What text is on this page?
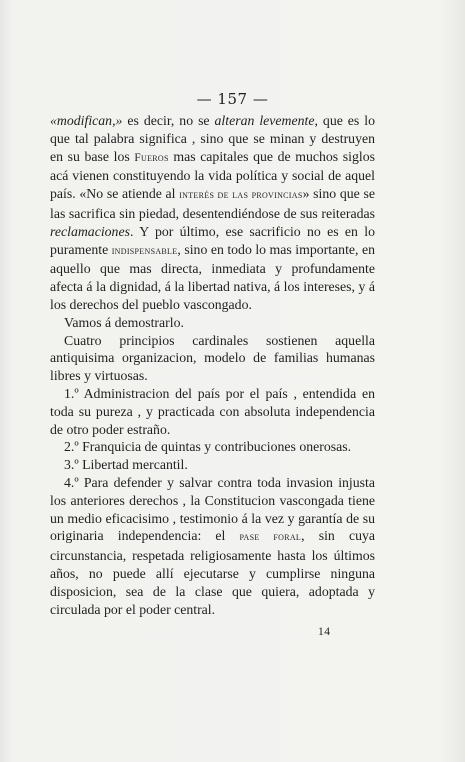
— 157 —

«modifican,» es decir, no se alteran levemente, que es lo que tal palabra significa , sino que se minan y destruyen en su base los Fueros mas capitales que de muchos siglos acá vienen constituyendo la vida política y social de aquel país. «No se atiende al interés de las provincias» sino que se las sacrifica sin piedad, desentendiéndose de sus reiteradas reclamaciones. Y por último, ese sacrificio no es en lo puramente indispensable, sino en todo lo mas importante, en aquello que mas directa, inmediata y profundamente afecta á la dignidad, á la libertad nativa, á los intereses, y á los derechos del pueblo vascongado.

Vamos á demostrarlo.

Cuatro principios cardinales sostienen aquella antiquisima organizacion, modelo de familias humanas libres y virtuosas.

1.º Administracion del país por el país , entendida en toda su pureza , y practicada con absoluta independencia de otro poder estraño.

2.º Franquicia de quintas y contribuciones onerosas.

3.º Libertad mercantil.

4.º Para defender y salvar contra toda invasion injusta los anteriores derechos , la Constitucion vascongada tiene un medio eficacisimo , testimonio á la vez y garantía de su originaria independencia: el pase foral, sin cuya circunstancia, respetada religiosamente hasta los últimos años, no puede allí ejecutarse y cumplirse ninguna disposicion, sea de la clase que quiera, adoptada y circulada por el poder central.

14
